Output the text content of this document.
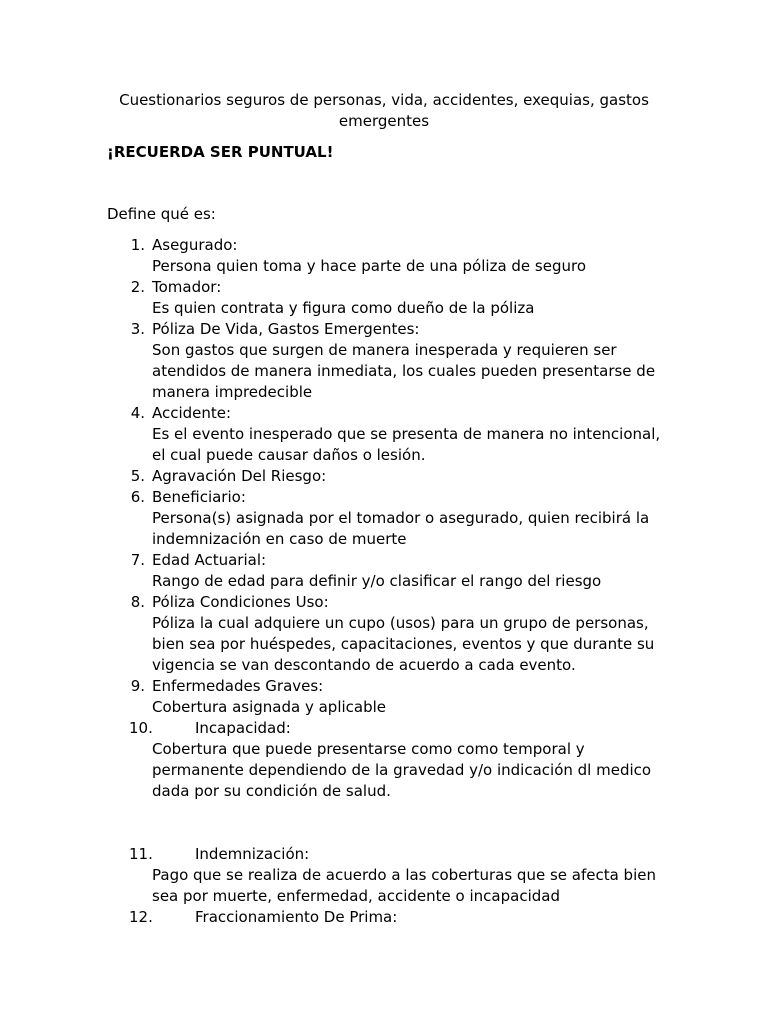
Cuestionarios seguros de personas, vida, accidentes, exequias, gastos emergentes
¡RECUERDA SER PUNTUAL!
Define qué es:
1. Asegurado:
Persona quien toma y hace parte de una póliza de seguro
2. Tomador:
Es quien contrata y figura como dueño de la póliza
3. Póliza De Vida, Gastos Emergentes:
Son gastos que surgen de manera inesperada y requieren ser atendidos de manera inmediata, los cuales pueden presentarse de manera impredecible
4. Accidente:
Es el evento inesperado que se presenta de manera no intencional, el cual puede causar daños o lesión.
5. Agravación Del Riesgo:
6. Beneficiario:
Persona(s) asignada por el tomador o asegurado, quien recibirá la indemnización en caso de muerte
7. Edad Actuarial:
Rango de edad para definir y/o clasificar el rango del riesgo
8. Póliza Condiciones Uso:
Póliza la cual adquiere un cupo (usos) para un grupo de personas, bien sea por huéspedes, capacitaciones, eventos y que durante su vigencia se van descontando de acuerdo a cada evento.
9. Enfermedades Graves:
Cobertura asignada y aplicable
10.	Incapacidad:
Cobertura que puede presentarse como como temporal y permanente dependiendo de la gravedad y/o indicación dl medico dada por su condición de salud.
11.	Indemnización:
Pago que se realiza de acuerdo a las coberturas que se afecta bien sea por muerte, enfermedad, accidente o incapacidad
12.	Fraccionamiento De Prima:
